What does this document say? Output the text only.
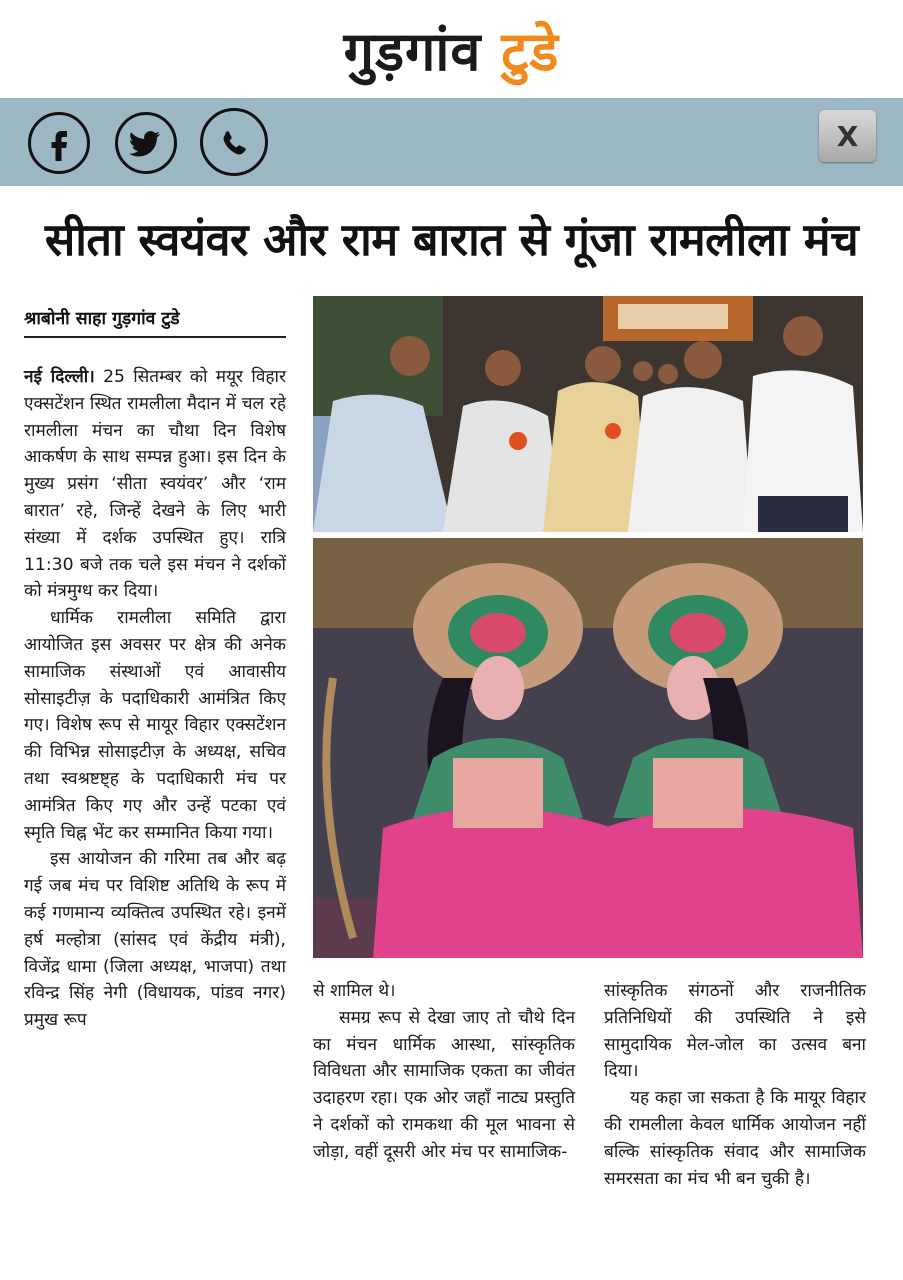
गुड़गांव टुडे
X
सीता स्वयंवर और राम बारात से गूंजा रामलीला मंच
श्राबोनी साहा गुड़गांव टुडे

नई दिल्ली। 25 सितम्बर को मयूर विहार एक्सटेंशन स्थित रामलीला मैदान में चल रहे रामलीला मंचन का चौथा दिन विशेष आकर्षण के साथ सम्पन्न हुआ। इस दिन के मुख्य प्रसंग ‘सीता स्वयंवर’ और ‘राम बारात’ रहे, जिन्हें देखने के लिए भारी संख्या में दर्शक उपस्थित हुए। रात्रि 11:30 बजे तक चले इस मंचन ने दर्शकों को मंत्रमुग्ध कर दिया।

धार्मिक रामलीला समिति द्वारा आयोजित इस अवसर पर क्षेत्र की अनेक सामाजिक संस्थाओं एवं आवासीय सोसाइटीज़ के पदाधिकारी आमंत्रित किए गए। विशेष रूप से मायूर विहार एक्सटेंशन की विभिन्न सोसाइटीज़ के अध्यक्ष, सचिव तथा स्वश्रष्टष्ट्ह के पदाधिकारी मंच पर आमंत्रित किए गए और उन्हें पटका एवं स्मृति चिह्न भेंट कर सम्मानित किया गया।

इस आयोजन की गरिमा तब और बढ़ गई जब मंच पर विशिष्ट अतिथि के रूप में कई गणमान्य व्यक्तित्व उपस्थित रहे। इनमें हर्ष मल्होत्रा (सांसद एवं केंद्रीय मंत्री), विजेंद्र धामा (जिला अध्यक्ष, भाजपा) तथा रविन्द्र सिंह नेगी (विधायक, पांडव नगर) प्रमुख रूप

से शामिल थे।

समग्र रूप से देखा जाए तो चौथे दिन का मंचन धार्मिक आस्था, सांस्कृतिक विविधता और सामाजिक एकता का जीवंत उदाहरण रहा। एक ओर जहाँ नाट्य प्रस्तुति ने दर्शकों को रामकथा की मूल भावना से जोड़ा, वहीं दूसरी ओर मंच पर सामाजिक-

सांस्कृतिक संगठनों और राजनीतिक प्रतिनिधियों की उपस्थिति ने इसे सामुदायिक मेल-जोल का उत्सव बना दिया।

यह कहा जा सकता है कि मायूर विहार की रामलीला केवल धार्मिक आयोजन नहीं बल्कि सांस्कृतिक संवाद और सामाजिक समरसता का मंच भी बन चुकी है।
